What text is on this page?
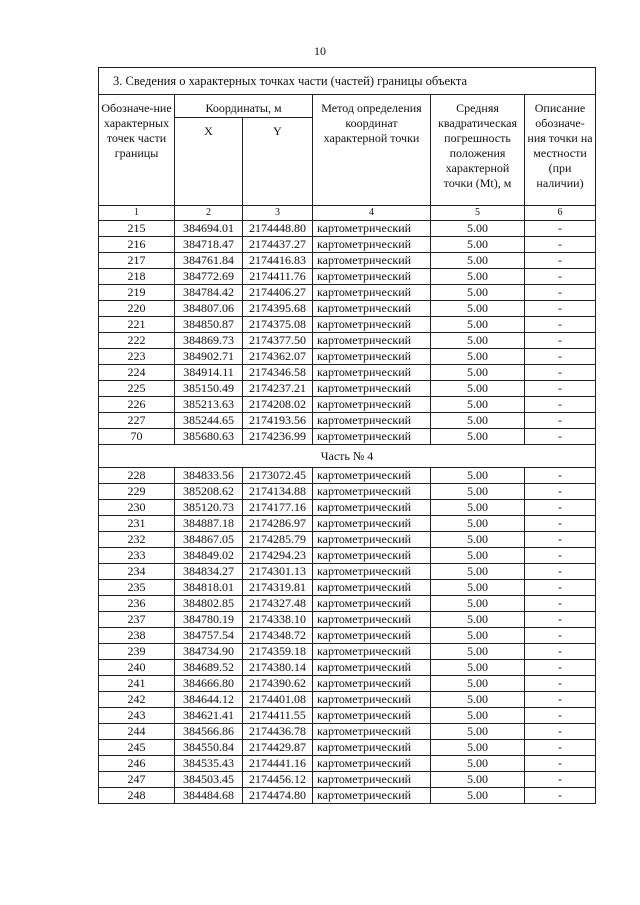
10
3. Сведения о характерных точках части (частей) границы объекта					
Обозначе-ние характерных точек части границы	Координаты, м		Метод определения координат характерной точки	Средняя квадратическая погрешность положения характерной точки (Mt), м	Описание обозначе-ния точки на местности (при наличии)
	X	Y			
1	2	3	4	5	6
215	384694.01	2174448.80	картометрический	5.00	-
216	384718.47	2174437.27	картометрический	5.00	-
217	384761.84	2174416.83	картометрический	5.00	-
218	384772.69	2174411.76	картометрический	5.00	-
219	384784.42	2174406.27	картометрический	5.00	-
220	384807.06	2174395.68	картометрический	5.00	-
221	384850.87	2174375.08	картометрический	5.00	-
222	384869.73	2174377.50	картометрический	5.00	-
223	384902.71	2174362.07	картометрический	5.00	-
224	384914.11	2174346.58	картометрический	5.00	-
225	385150.49	2174237.21	картометрический	5.00	-
226	385213.63	2174208.02	картометрический	5.00	-
227	385244.65	2174193.56	картометрический	5.00	-
70	385680.63	2174236.99	картометрический	5.00	-
Часть № 4					
228	384833.56	2173072.45	картометрический	5.00	-
229	385208.62	2174134.88	картометрический	5.00	-
230	385120.73	2174177.16	картометрический	5.00	-
231	384887.18	2174286.97	картометрический	5.00	-
232	384867.05	2174285.79	картометрический	5.00	-
233	384849.02	2174294.23	картометрический	5.00	-
234	384834.27	2174301.13	картометрический	5.00	-
235	384818.01	2174319.81	картометрический	5.00	-
236	384802.85	2174327.48	картометрический	5.00	-
237	384780.19	2174338.10	картометрический	5.00	-
238	384757.54	2174348.72	картометрический	5.00	-
239	384734.90	2174359.18	картометрический	5.00	-
240	384689.52	2174380.14	картометрический	5.00	-
241	384666.80	2174390.62	картометрический	5.00	-
242	384644.12	2174401.08	картометрический	5.00	-
243	384621.41	2174411.55	картометрический	5.00	-
244	384566.86	2174436.78	картометрический	5.00	-
245	384550.84	2174429.87	картометрический	5.00	-
246	384535.43	2174441.16	картометрический	5.00	-
247	384503.45	2174456.12	картометрический	5.00	-
248	384484.68	2174474.80	картометрический	5.00	-
